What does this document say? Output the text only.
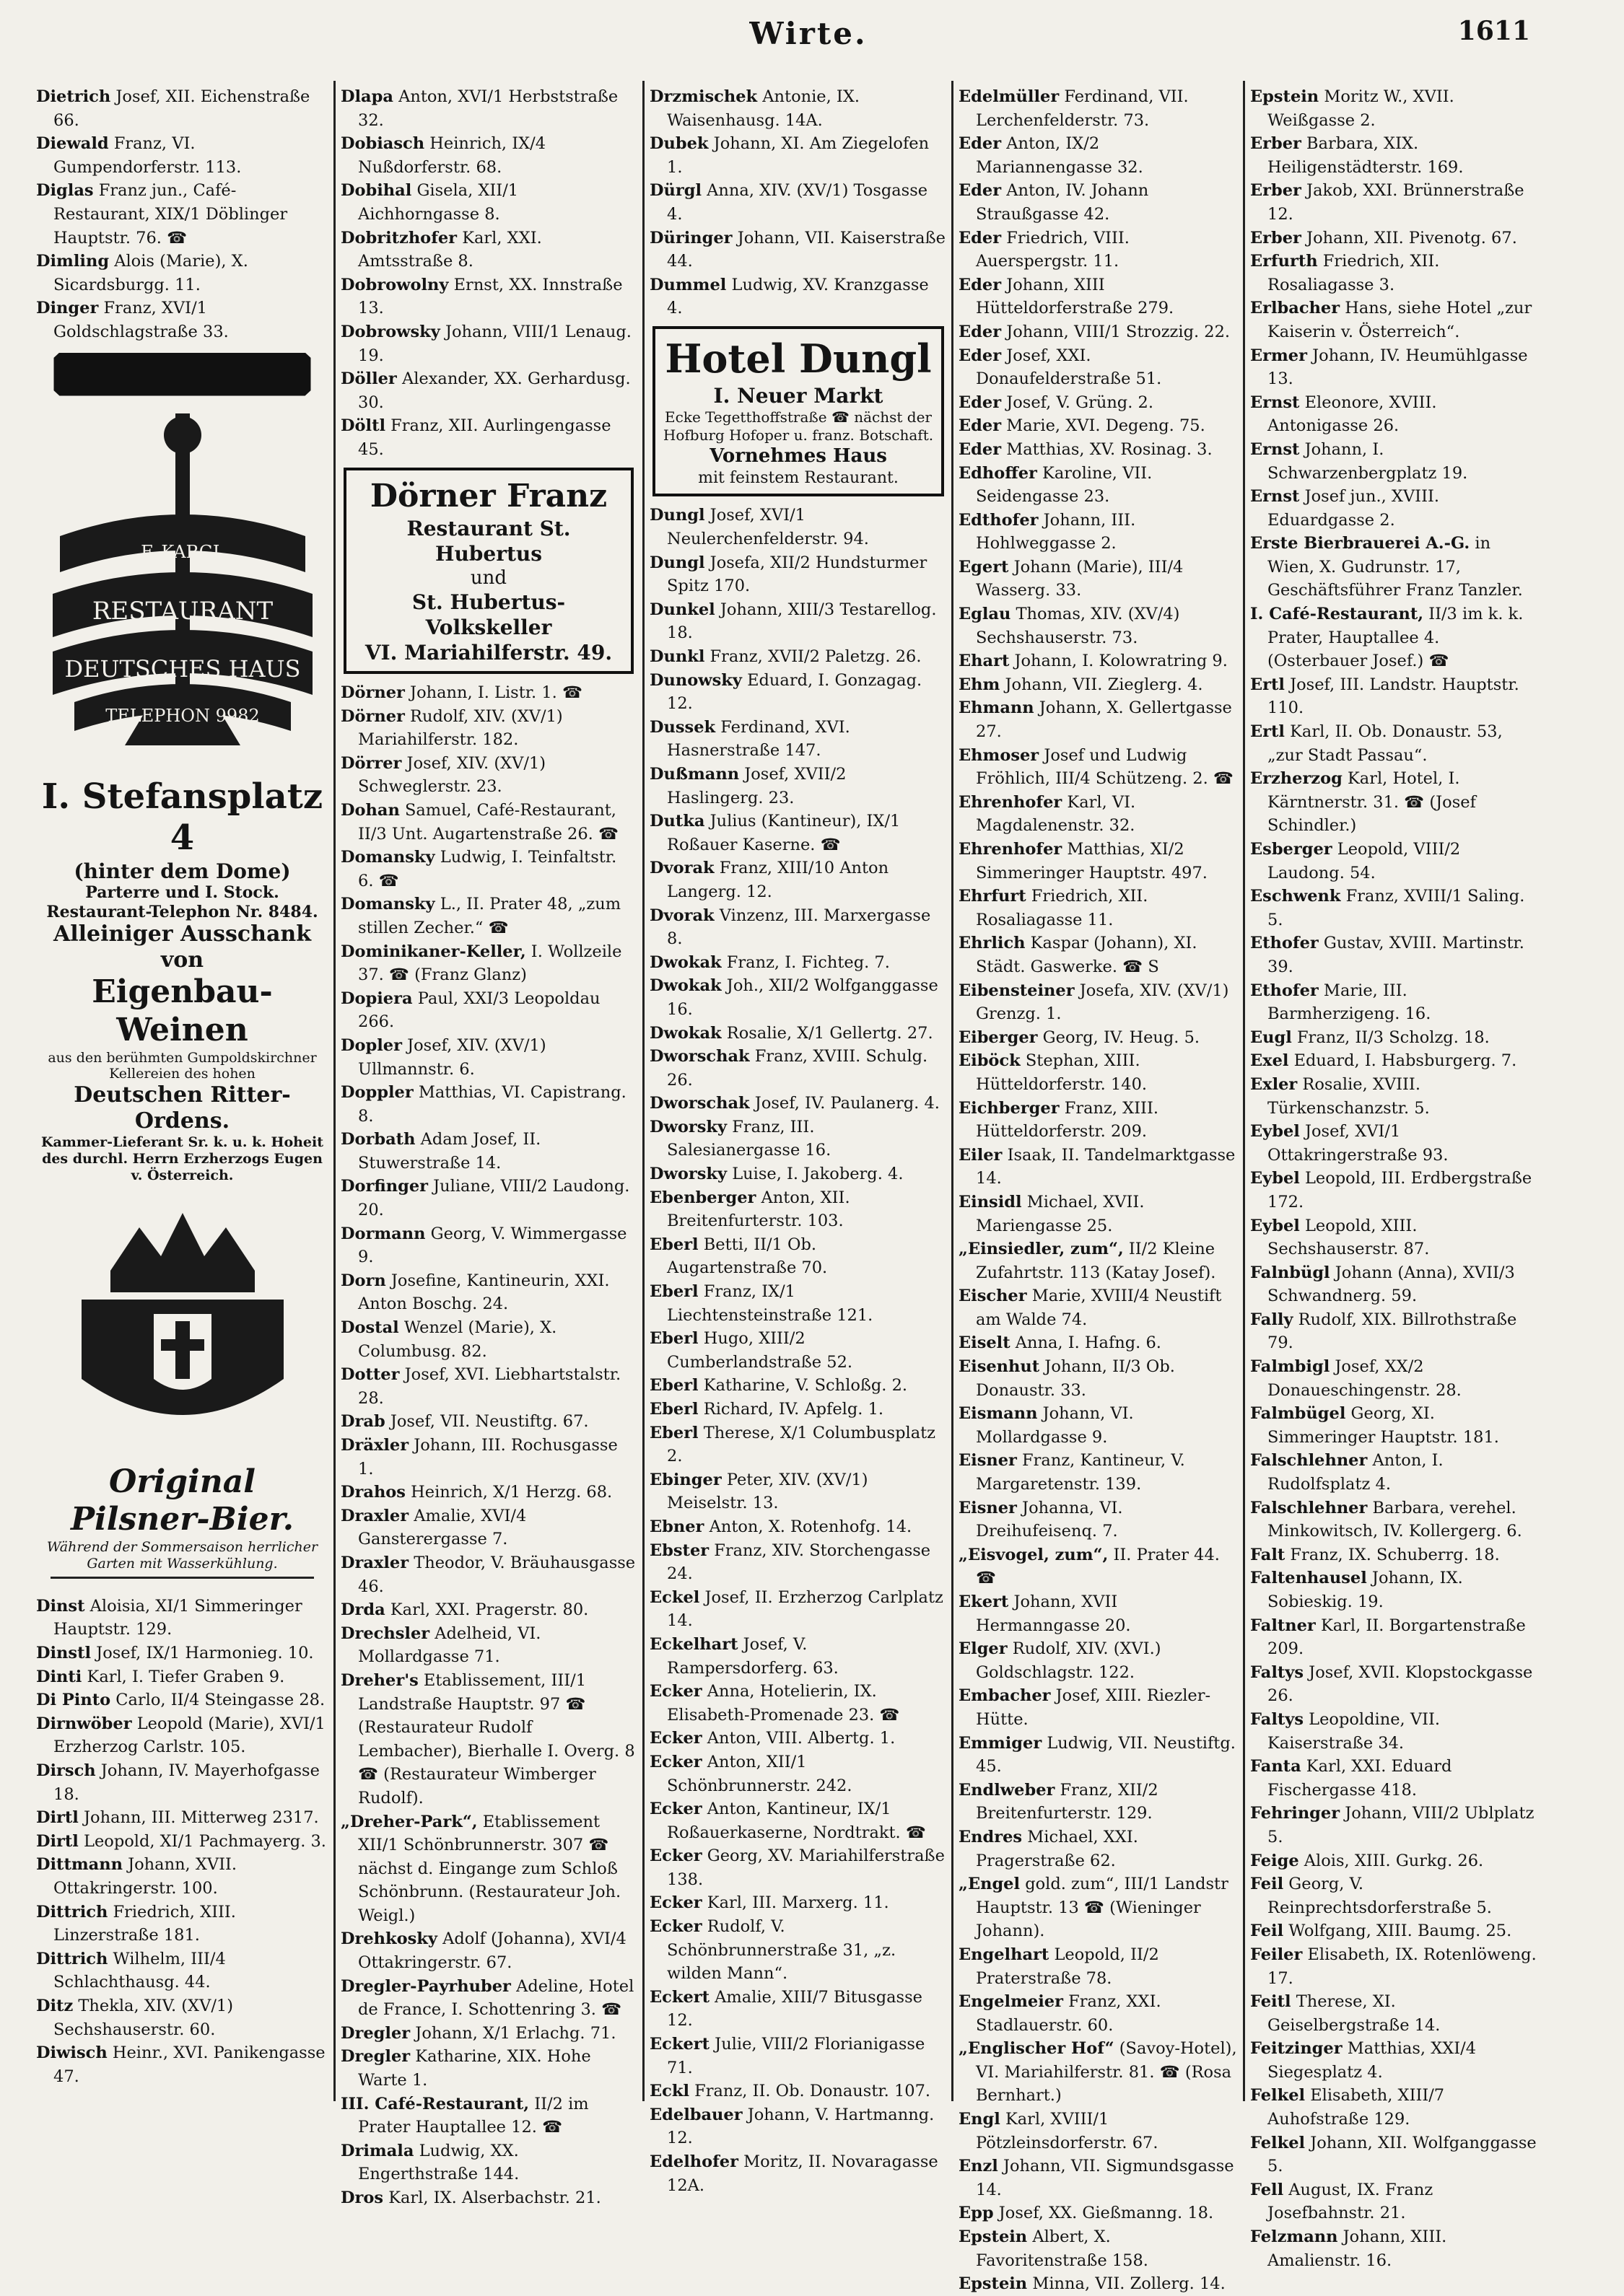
Wirte.	1611
Dietrich Josef, XII. Eichenstraße 66.
Diewald Franz, VI. Gumpendorferstr. 113.
Diglas Franz jun., Café-Restaurant, XIX/1 Döblinger Hauptstr. 76. ☎
Dimling Alois (Marie), X. Sicardsburgg. 11.
Dinger Franz, XVI/1 Goldschlagstraße 33.
F. KARGL
RESTAURANT
DEUTSCHES HAUS
TELEPHON 9982
I. Stefansplatz 4
(hinter dem Dome)
Parterre und I. Stock.
Restaurant-Telephon Nr. 8484.
Alleiniger Ausschank von
Eigenbau-Weinen
aus den berühmten Gumpoldskirchner Kellereien des hohen
Deutschen Ritter-Ordens.
Kammer-Lieferant Sr. k. u. k. Hoheit des durchl. Herrn Erzherzogs Eugen v. Österreich.
Original
Pilsner-Bier.
Während der Sommersaison herrlicher Garten mit Wasserkühlung.
Dinst Aloisia, XI/1 Simmeringer Hauptstr. 129.
Dinstl Josef, IX/1 Harmonieg. 10.
Dinti Karl, I. Tiefer Graben 9.
Di Pinto Carlo, II/4 Steingasse 28.
Dirnwöber Leopold (Marie), XVI/1 Erzherzog Carlstr. 105.
Dirsch Johann, IV. Mayerhofgasse 18.
Dirtl Johann, III. Mitterweg 2317.
Dirtl Leopold, XI/1 Pachmayerg. 3.
Dittmann Johann, XVII. Ottakringerstr. 100.
Dittrich Friedrich, XIII. Linzerstraße 181.
Dittrich Wilhelm, III/4 Schlachthausg. 44.
Ditz Thekla, XIV. (XV/1) Sechshauserstr. 60.
Diwisch Heinr., XVI. Panikengasse 47.
Dlapa Anton, XVI/1 Herbststraße 32.
Dobiasch Heinrich, IX/4 Nußdorferstr. 68.
Dobihal Gisela, XII/1 Aichhorngasse 8.
Dobritzhofer Karl, XXI. Amtsstraße 8.
Dobrowolny Ernst, XX. Innstraße 13.
Dobrowsky Johann, VIII/1 Lenaug. 19.
Döller Alexander, XX. Gerhardusg. 30.
Döltl Franz, XII. Aurlingengasse 45.
Dörner Franz
Restaurant St. Hubertus
und
St. Hubertus-Volkskeller
VI. Mariahilferstr. 49.
Dörner Johann, I. Listr. 1. ☎
Dörner Rudolf, XIV. (XV/1) Mariahilferstr. 182.
Dörrer Josef, XIV. (XV/1) Schweglerstr. 23.
Dohan Samuel, Café-Restaurant, II/3 Unt. Augartenstraße 26. ☎
Domansky Ludwig, I. Teinfaltstr. 6. ☎
Domansky L., II. Prater 48, „zum stillen Zecher.“ ☎
Dominikaner-Keller, I. Wollzeile 37. ☎ (Franz Glanz)
Dopiera Paul, XXI/3 Leopoldau 266.
Dopler Josef, XIV. (XV/1) Ullmannstr. 6.
Doppler Matthias, VI. Capistrang. 8.
Dorbath Adam Josef, II. Stuwerstraße 14.
Dorfinger Juliane, VIII/2 Laudong. 20.
Dormann Georg, V. Wimmergasse 9.
Dorn Josefine, Kantineurin, XXI. Anton Boschg. 24.
Dostal Wenzel (Marie), X. Columbusg. 82.
Dotter Josef, XVI. Liebhartstalstr. 28.
Drab Josef, VII. Neustiftg. 67.
Dräxler Johann, III. Rochusgasse 1.
Drahos Heinrich, X/1 Herzg. 68.
Draxler Amalie, XVI/4 Gansterergasse 7.
Draxler Theodor, V. Bräuhausgasse 46.
Drda Karl, XXI. Pragerstr. 80.
Drechsler Adelheid, VI. Mollardgasse 71.
Dreher's Etablissement, III/1 Landstraße Hauptstr. 97 ☎ (Restaurateur Rudolf Lembacher), Bierhalle I. Overg. 8 ☎ (Restaurateur Wimberger Rudolf).
„Dreher-Park“, Etablissement XII/1 Schönbrunnerstr. 307 ☎ nächst d. Eingange zum Schloß Schönbrunn. (Restaurateur Joh. Weigl.)
Drehkosky Adolf (Johanna), XVI/4 Ottakringerstr. 67.
Dregler-Payrhuber Adeline, Hotel de France, I. Schottenring 3. ☎
Dregler Johann, X/1 Erlachg. 71.
Dregler Katharine, XIX. Hohe Warte 1.
III. Café-Restaurant, II/2 im Prater Hauptallee 12. ☎
Drimala Ludwig, XX. Engerthstraße 144.
Dros Karl, IX. Alserbachstr. 21.
Drzmischek Antonie, IX. Waisenhausg. 14A.
Dubek Johann, XI. Am Ziegelofen 1.
Dürgl Anna, XIV. (XV/1) Tosgasse 4.
Düringer Johann, VII. Kaiserstraße 44.
Dummel Ludwig, XV. Kranzgasse 4.
Hotel Dungl
I. Neuer Markt
Ecke Tegetthoffstraße ☎ nächst der Hofburg Hofoper u. franz. Botschaft.
Vornehmes Haus
mit feinstem Restaurant.
Dungl Josef, XVI/1 Neulerchenfelderstr. 94.
Dungl Josefa, XII/2 Hundsturmer Spitz 170.
Dunkel Johann, XIII/3 Testarellog. 18.
Dunkl Franz, XVII/2 Paletzg. 26.
Dunowsky Eduard, I. Gonzagag. 12.
Dussek Ferdinand, XVI. Hasnerstraße 147.
Dußmann Josef, XVII/2 Haslingerg. 23.
Dutka Julius (Kantineur), IX/1 Roßauer Kaserne. ☎
Dvorak Franz, XIII/10 Anton Langerg. 12.
Dvorak Vinzenz, III. Marxergasse 8.
Dwokak Franz, I. Fichteg. 7.
Dwokak Joh., XII/2 Wolfganggasse 16.
Dwokak Rosalie, X/1 Gellertg. 27.
Dworschak Franz, XVIII. Schulg. 26.
Dworschak Josef, IV. Paulanerg. 4.
Dworsky Franz, III. Salesianergasse 16.
Dworsky Luise, I. Jakoberg. 4.
Ebenberger Anton, XII. Breitenfurterstr. 103.
Eberl Betti, II/1 Ob. Augartenstraße 70.
Eberl Franz, IX/1 Liechtensteinstraße 121.
Eberl Hugo, XIII/2 Cumberlandstraße 52.
Eberl Katharine, V. Schloßg. 2.
Eberl Richard, IV. Apfelg. 1.
Eberl Therese, X/1 Columbusplatz 2.
Ebinger Peter, XIV. (XV/1) Meiselstr. 13.
Ebner Anton, X. Rotenhofg. 14.
Ebster Franz, XIV. Storchengasse 24.
Eckel Josef, II. Erzherzog Carlplatz 14.
Eckelhart Josef, V. Rampersdorferg. 63.
Ecker Anna, Hotelierin, IX. Elisabeth-Promenade 23. ☎
Ecker Anton, VIII. Albertg. 1.
Ecker Anton, XII/1 Schönbrunnerstr. 242.
Ecker Anton, Kantineur, IX/1 Roßauerkaserne, Nordtrakt. ☎
Ecker Georg, XV. Mariahilferstraße 138.
Ecker Karl, III. Marxerg. 11.
Ecker Rudolf, V. Schönbrunnerstraße 31, „z. wilden Mann“.
Eckert Amalie, XIII/7 Bitusgasse 12.
Eckert Julie, VIII/2 Florianigasse 71.
Eckl Franz, II. Ob. Donaustr. 107.
Edelbauer Johann, V. Hartmanng. 12.
Edelhofer Moritz, II. Novaragasse 12A.
Edelmüller Ferdinand, VII. Lerchenfelderstr. 73.
Eder Anton, IX/2 Mariannengasse 32.
Eder Anton, IV. Johann Straußgasse 42.
Eder Friedrich, VIII. Auerspergstr. 11.
Eder Johann, XIII Hütteldorferstraße 279.
Eder Johann, VIII/1 Strozzig. 22.
Eder Josef, XXI. Donaufelderstraße 51.
Eder Josef, V. Grüng. 2.
Eder Marie, XVI. Degeng. 75.
Eder Matthias, XV. Rosinag. 3.
Edhoffer Karoline, VII. Seidengasse 23.
Edthofer Johann, III. Hohlweggasse 2.
Egert Johann (Marie), III/4 Wasserg. 33.
Eglau Thomas, XIV. (XV/4) Sechshauserstr. 73.
Ehart Johann, I. Kolowratring 9.
Ehm Johann, VII. Zieglerg. 4.
Ehmann Johann, X. Gellertgasse 27.
Ehmoser Josef und Ludwig Fröhlich, III/4 Schützeng. 2. ☎
Ehrenhofer Karl, VI. Magdalenenstr. 32.
Ehrenhofer Matthias, XI/2 Simmeringer Hauptstr. 497.
Ehrfurt Friedrich, XII. Rosaliagasse 11.
Ehrlich Kaspar (Johann), XI. Städt. Gaswerke. ☎ S
Eibensteiner Josefa, XIV. (XV/1) Grenzg. 1.
Eiberger Georg, IV. Heug. 5.
Eiböck Stephan, XIII. Hütteldorferstr. 140.
Eichberger Franz, XIII. Hütteldorferstr. 209.
Eiler Isaak, II. Tandelmarktgasse 14.
Einsidl Michael, XVII. Mariengasse 25.
„Einsiedler, zum“, II/2 Kleine Zufahrtstr. 113 (Katay Josef).
Eischer Marie, XVIII/4 Neustift am Walde 74.
Eiselt Anna, I. Hafng. 6.
Eisenhut Johann, II/3 Ob. Donaustr. 33.
Eismann Johann, VI. Mollardgasse 9.
Eisner Franz, Kantineur, V. Margaretenstr. 139.
Eisner Johanna, VI. Dreihufeisenq. 7.
„Eisvogel, zum“, II. Prater 44. ☎
Ekert Johann, XVII Hermanngasse 20.
Elger Rudolf, XIV. (XVI.) Goldschlagstr. 122.
Embacher Josef, XIII. Riezler-Hütte.
Emmiger Ludwig, VII. Neustiftg. 45.
Endlweber Franz, XII/2 Breitenfurterstr. 129.
Endres Michael, XXI. Pragerstraße 62.
„Engel gold. zum“, III/1 Landstr Hauptstr. 13 ☎ (Wieninger Johann).
Engelhart Leopold, II/2 Praterstraße 78.
Engelmeier Franz, XXI. Stadlauerstr. 60.
„Englischer Hof“ (Savoy-Hotel), VI. Mariahilferstr. 81. ☎ (Rosa Bernhart.)
Engl Karl, XVIII/1 Pötzleinsdorferstr. 67.
Enzl Johann, VII. Sigmundsgasse 14.
Epp Josef, XX. Gießmanng. 18.
Epstein Albert, X. Favoritenstraße 158.
Epstein Minna, VII. Zollerg. 14.
Epstein Moritz W., XVII. Weißgasse 2.
Erber Barbara, XIX. Heiligenstädterstr. 169.
Erber Jakob, XXI. Brünnerstraße 12.
Erber Johann, XII. Pivenotg. 67.
Erfurth Friedrich, XII. Rosaliagasse 3.
Erlbacher Hans, siehe Hotel „zur Kaiserin v. Österreich“.
Ermer Johann, IV. Heumühlgasse 13.
Ernst Eleonore, XVIII. Antonigasse 26.
Ernst Johann, I. Schwarzenbergplatz 19.
Ernst Josef jun., XVIII. Eduardgasse 2.
Erste Bierbrauerei A.-G. in Wien, X. Gudrunstr. 17, Geschäftsführer Franz Tanzler.
I. Café-Restaurant, II/3 im k. k. Prater, Hauptallee 4. (Osterbauer Josef.) ☎
Ertl Josef, III. Landstr. Hauptstr. 110.
Ertl Karl, II. Ob. Donaustr. 53, „zur Stadt Passau“.
Erzherzog Karl, Hotel, I. Kärntnerstr. 31. ☎ (Josef Schindler.)
Esberger Leopold, VIII/2 Laudong. 54.
Eschwenk Franz, XVIII/1 Saling. 5.
Ethofer Gustav, XVIII. Martinstr. 39.
Ethofer Marie, III. Barmherzigeng. 16.
Eugl Franz, II/3 Scholzg. 18.
Exel Eduard, I. Habsburgerg. 7.
Exler Rosalie, XVIII. Türkenschanzstr. 5.
Eybel Josef, XVI/1 Ottakringerstraße 93.
Eybel Leopold, III. Erdbergstraße 172.
Eybel Leopold, XIII. Sechshauserstr. 87.
Falnbügl Johann (Anna), XVII/3 Schwandnerg. 59.
Fally Rudolf, XIX. Billrothstraße 79.
Falmbigl Josef, XX/2 Donaueschingenstr. 28.
Falmbügel Georg, XI. Simmeringer Hauptstr. 181.
Falschlehner Anton, I. Rudolfsplatz 4.
Falschlehner Barbara, verehel. Minkowitsch, IV. Kollergerg. 6.
Falt Franz, IX. Schuberrg. 18.
Faltenhausel Johann, IX. Sobieskig. 19.
Faltner Karl, II. Borgartenstraße 209.
Faltys Josef, XVII. Klopstockgasse 26.
Faltys Leopoldine, VII. Kaiserstraße 34.
Fanta Karl, XXI. Eduard Fischergasse 418.
Fehringer Johann, VIII/2 Ublplatz 5.
Feige Alois, XIII. Gurkg. 26.
Feil Georg, V. Reinprechtsdorferstraße 5.
Feil Wolfgang, XIII. Baumg. 25.
Feiler Elisabeth, IX. Rotenlöweng. 17.
Feitl Therese, XI. Geiselbergstraße 14.
Feitzinger Matthias, XXI/4 Siegesplatz 4.
Felkel Elisabeth, XIII/7 Auhofstraße 129.
Felkel Johann, XII. Wolfganggasse 5.
Fell August, IX. Franz Josefbahnstr. 21.
Felzmann Johann, XIII. Amalienstr. 16.
